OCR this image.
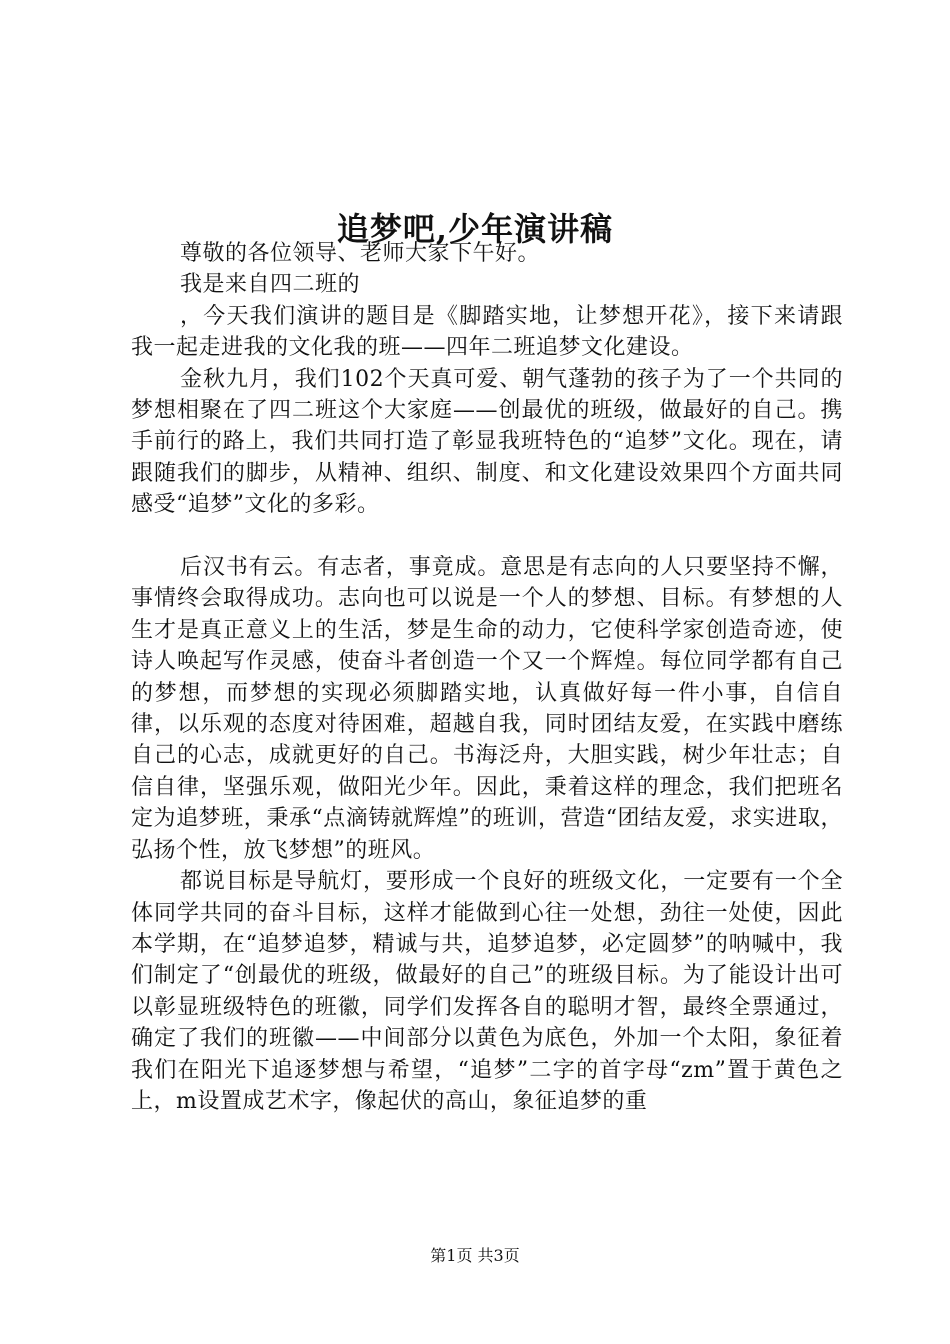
追梦吧,少年演讲稿

尊敬的各位领导、老师大家下午好。

我是来自四二班的

，今天我们演讲的题目是《脚踏实地，让梦想开花》，接下来请跟我一起走进我的文化我的班——四年二班追梦文化建设。

金秋九月，我们102个天真可爱、朝气蓬勃的孩子为了一个共同的梦想相聚在了四二班这个大家庭——创最优的班级，做最好的自己。携手前行的路上，我们共同打造了彰显我班特色的“追梦”文化。现在，请跟随我们的脚步，从精神、组织、制度、和文化建设效果四个方面共同感受“追梦”文化的多彩。

后汉书有云。有志者，事竟成。意思是有志向的人只要坚持不懈，事情终会取得成功。志向也可以说是一个人的梦想、目标。有梦想的人生才是真正意义上的生活，梦是生命的动力，它使科学家创造奇迹，使诗人唤起写作灵感，使奋斗者创造一个又一个辉煌。每位同学都有自己的梦想，而梦想的实现必须脚踏实地，认真做好每一件小事，自信自律，以乐观的态度对待困难，超越自我，同时团结友爱，在实践中磨练自己的心志，成就更好的自己。书海泛舟，大胆实践，树少年壮志；自信自律，坚强乐观，做阳光少年。因此，秉着这样的理念，我们把班名定为追梦班，秉承“点滴铸就辉煌”的班训，营造“团结友爱，求实进取，弘扬个性，放飞梦想”的班风。

都说目标是导航灯，要形成一个良好的班级文化，一定要有一个全体同学共同的奋斗目标，这样才能做到心往一处想，劲往一处使，因此本学期，在“追梦追梦，精诚与共，追梦追梦，必定圆梦”的呐喊中，我们制定了“创最优的班级，做最好的自己”的班级目标。为了能设计出可以彰显班级特色的班徽，同学们发挥各自的聪明才智，最终全票通过，确定了我们的班徽——中间部分以黄色为底色，外加一个太阳，象征着我们在阳光下追逐梦想与希望，“追梦”二字的首字母“zm”置于黄色之上，m设置成艺术字，像起伏的高山，象征追梦的重

第1页 共3页
